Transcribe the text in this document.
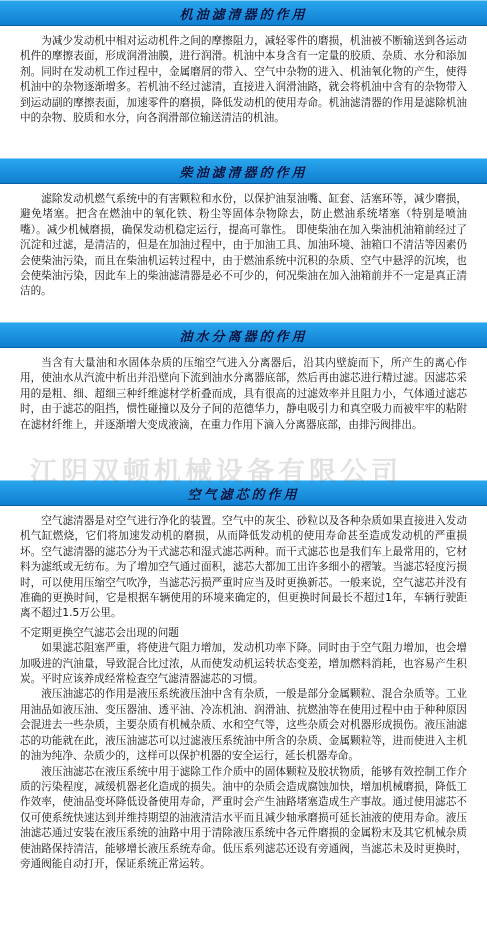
机油滤清器的作用

为减少发动机中相对运动机件之间的摩擦阻力，减轻零件的磨损，机油被不断输送到各运动机件的摩擦表面，形成润滑油膜，进行润滑。机油中本身含有一定量的胶质、杂质、水分和添加剂。同时在发动机工作过程中，金属磨屑的带入、空气中杂物的进入、机油氧化物的产生，使得机油中的杂物逐渐增多。若机油不经过滤清，直接进入润滑油路，就会将机油中含有的杂物带入到运动副的摩擦表面，加速零件的磨损，降低发动机的使用寿命。机油滤清器的作用是滤除机油中的杂物、胶质和水分，向各润滑部位输送清洁的机油。

柴油滤清器的作用

滤除发动机燃气系统中的有害颗粒和水份，以保护油泵油嘴、缸套、活塞环等，减少磨损，避免堵塞。把含在燃油中的氧化铁、粉尘等固体杂物除去，防止燃油系统堵塞（特别是喷油嘴）。减少机械磨损，确保发动机稳定运行，提高可靠性。 即使柴油在加入柴油机油箱前经过了沉淀和过滤，是清洁的，但是在加油过程中，由于加油工具、加油环境、油箱口不清洁等因素仍会使柴油污染，而且在柴油机运转过程中，由于燃油系统中沉积的杂质、空气中悬浮的沉埃，也会使柴油污染，因此车上的柴油滤清器是必不可少的，何况柴油在加入油箱前并不一定是真正清洁的。

油水分离器的作用

当含有大量油和水固体杂质的压缩空气进入分离器后，沿其内壁旋而下，所产生的离心作用，使油水从汽流中析出并沿壁向下流到油水分离器底部，然后再由滤芯进行精过滤。因滤芯采用的是粗、细、超细三种纤维滤材学析叠而成，具有很高的过滤效率并且阻力小，气体通过滤芯时，由于滤芯的阻挡，惯性碰撞以及分子间的范德华力，静电吸引力和真空吸力而被牢牢的粘附在滤材纤维上，并逐渐增大变成液滴，在重力作用下滴入分离器底部，由排污阀排出。

空气滤芯的作用

空气滤清器是对空气进行净化的装置。空气中的灰尘、砂粒以及各种杂质如果直接进入发动机气缸燃烧，它们将加速发动机的磨损，从而降低发动机的使用寿命甚至造成发动机的严重损坏。空气滤清器的滤芯分为干式滤芯和湿式滤芯两种。而干式滤芯也是我们车上最常用的，它材料为滤纸或无纺布。为了增加空气通过面积，滤芯大都加工出许多细小的褶皱。当滤芯轻度污损时，可以使用压缩空气吹净，当滤芯污损严重时应当及时更换新芯。一般来说，空气滤芯并没有准确的更换时间，它是根据车辆使用的环境来确定的，但更换时间最长不超过1年，车辆行驶距离不超过1.5万公里。

不定期更换空气滤芯会出现的问题

如果滤芯阻塞严重，将使进气阻力增加，发动机功率下降。同时由于空气阻力增加，也会增加吸进的汽油量，导致混合比过浓，从而使发动机运转状态变差，增加燃料消耗，也容易产生积炭。平时应该养成经常检查空气滤清器滤芯的习惯。

液压油滤芯的作用是液压系统液压油中含有杂质，一般是部分金属颗粒、混合杂质等。工业用油品如液压油、变压器油、透平油、冷冻机油、润滑油、抗燃油等在使用过程中由于种种原因会混进去一些杂质，主要杂质有机械杂质、水和空气等，这些杂质会对机器形成损伤。液压油滤芯的功能就在此，液压油滤芯可以过滤液压系统油中所含的杂质、金属颗粒等，进而使进入主机的油为纯净、杂质少的，这样可以保护机器的安全运行，延长机器寿命。

液压油滤芯在液压系统中用于滤除工作介质中的固体颗粒及胶状物质，能够有效控制工作介质的污染程度，减缓机器老化造成的损失。油中的杂质会造成腐蚀加快，增加机械磨损，降低工作效率，使油品变坏降低设备使用寿命，严重时会产生油路堵塞造成生产事故。通过使用滤芯不仅可使系统快速达到并维持期望的油液清洁水平而且减少轴承磨损可延长油液的使用寿命。液压油滤芯通过安装在液压系统的油路中用于清除液压系统中各元件磨损的金属粉末及其它机械杂质使油路保持清洁，能够增长液压系统寿命。低压系列滤芯还设有旁通阀，当滤芯未及时更换时，旁通阀能自动打开，保证系统正常运转。

江阴双顿机械设备有限公司
